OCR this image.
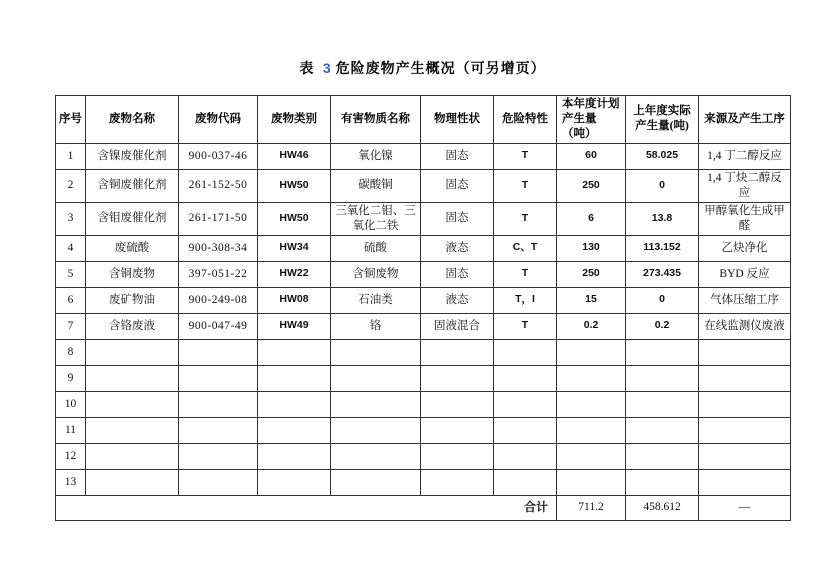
表 3 危险废物产生概况（可另增页）
序号	废物名称	废物代码	废物类别	有害物质名称	物理性状	危险特性	本年度计划产生量（吨）	上年度实际产生量(吨)	来源及产生工序
1	含镍废催化剂	900-037-46	HW46	氧化镍	固态	T	60	58.025	1,4 丁二醇反应
2	含铜废催化剂	261-152-50	HW50	碳酸铜	固态	T	250	0	1,4 丁炔二醇反应
3	含钼废催化剂	261-171-50	HW50	三氧化二钼、三氧化二铁	固态	T	6	13.8	甲醇氧化生成甲醛
4	废硫酸	900-308-34	HW34	硫酸	液态	C、T	130	113.152	乙炔净化
5	含铜废物	397-051-22	HW22	含铜废物	固态	T	250	273.435	BYD 反应
6	废矿物油	900-249-08	HW08	石油类	液态	T，I	15	0	气体压缩工序
7	含铬废液	900-047-49	HW49	铬	固液混合	T	0.2	0.2	在线监测仪废液
8									
9									
10									
11									
12									
13									
合计							711.2	458.612	—
